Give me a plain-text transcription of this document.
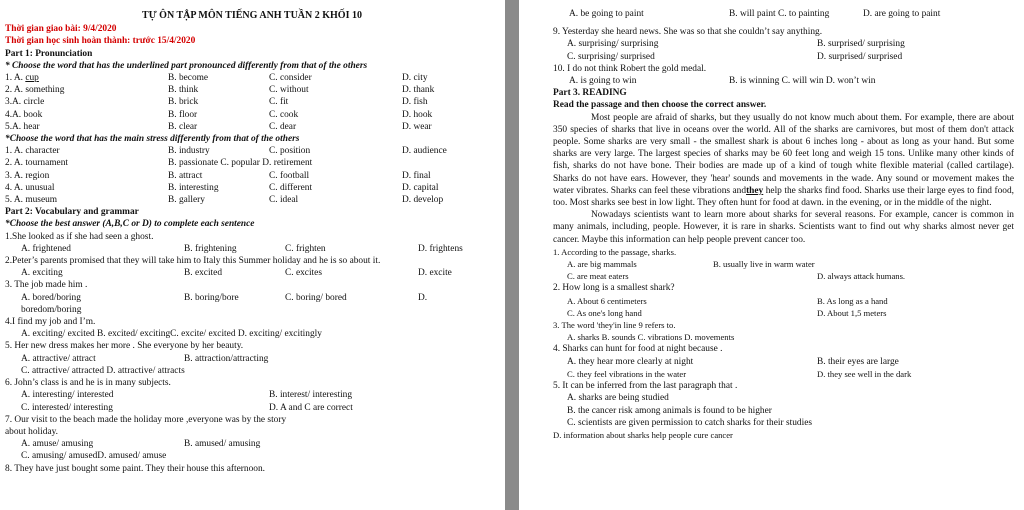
TỰ ÔN TẬP MÔN TIẾNG ANH TUẦN 2 KHỐI 10
Thời gian giao bài: 9/4/2020
Thời gian học sinh hoàn thành: trước 15/4/2020
Part 1: Pronunciation
* Choose the word that has the underlined part pronounced differently from that of the others
1. A. cup	B. become	C. consider	D. city
2. A. something	B. think	C. without	D. thank
3.A. circle	B. brick	C. fit	D. fish
4.A. book	B. floor	C. cook	D. hook
5.A. hear	B. clear	C. dear	D. wear
*Choose the word that has the main stress differently from that of the others
1. A. character	B. industry	C. position	D. audience
2. A. tournament	B. passionate C. popular D. retirement
3. A. region	B. attract	C. football	D. final
4. A. unusual	B. interesting	C. different	D. capital
5. A. museum	B. gallery	C. ideal	D. develop
Part 2: Vocabulary and grammar
*Choose the best answer (A,B,C or D) to complete each sentence
1.She looked as if she had seen a ghost.
A. frightened	B. frightening	C. frighten	D. frightens
2.Peter’s parents promised that they will take him to Italy this Summer holiday and he is so about it.
A. exciting	B. excited	C. excites	D. excite
3. The job made him .
A. bored/boring	B. boring/bore	C. boring/ bored	D.
boredom/boring
4.I find my job and I’m.
A. exciting/ excited B. excited/ excitingC. excite/ excited D. exciting/ excitingly
5. Her new dress makes her more . She everyone by her beauty.
A. attractive/ attract	B. attraction/attracting
C. attractive/ attracted D. attractive/ attracts
6. John’s class is and he is in many subjects.
A. interesting/ interested	B. interest/ interesting
C. interested/ interesting	D. A and C are correct
7. Our visit to the beach made the holiday more ,everyone was by the story
about holiday.
A. amuse/ amusing	B. amused/ amusing
C. amusing/ amusedD. amused/ amuse
8. They have just bought some paint. They their house this afternoon.
A. be going to paint	B. will paint C. to painting	D. are going to paint
9. Yesterday she heard news. She was so that she couldn’t say anything.
A. surprising/ surprising	B. surprised/ surprising
C. surprising/ surprised	D. surprised/ surprised
10. I do not think Robert the gold medal.
A. is going to win	B. is winning C. will win D. won’t win
Part 3. READING
Read the passage and then choose the correct answer.
Most people are afraid of sharks, but they usually do not know much about them. For example, there are about 350 species of sharks that live in oceans over the world. All of the sharks are carnivores, but most of them don't attack people. Some sharks are very small - the smallest shark is about 6 inches long - about as long as your hand. But some sharks are very large. The largest species of sharks may be 60 feet long and weigh 15 tons. Unlike many other kinds of fish, sharks do not have bone. Their bodies are made up of a kind of tough white flexible material (called cartilage). Sharks do not have ears. However, they 'hear' sounds and movements in the wade. Any sound or movement makes the water vibrates. Sharks can feel these vibrations andthey help the sharks find food. Sharks use their large eyes to find food, too. Most sharks see best in low light. They often hunt for food at dawn. in the evening, or in the middle of the night.
Nowadays scientists want to learn more about sharks for several reasons. For example, cancer is common in many animals, including, people. However, it is rare in sharks. Scientists want to find out why sharks almost never get cancer. Maybe this information can help people prevent cancer too.
1. According to the passage, sharks.
A. are big mammals	B. usually live in warm water
C. are meat eaters	D. always attack humans.
2. How long is a smallest shark?
A. About 6 centimeters	B. As long as a hand
C. As one's long hand	D. About 1,5 meters
3. The word 'they'in line 9 refers to.
A. sharks B. sounds C. vibrations D. movements
4. Sharks can hunt for food at night because .
A. they hear more clearly at night	B. their eyes are large
C. they feel vibrations in the water	D. they see well in the dark
5. It can be inferred from the last paragraph that .
A. sharks are being studied
B. the cancer risk among animals is found to be higher
C. scientists are given permission to catch sharks for their studies
D. information about sharks help people cure cancer
